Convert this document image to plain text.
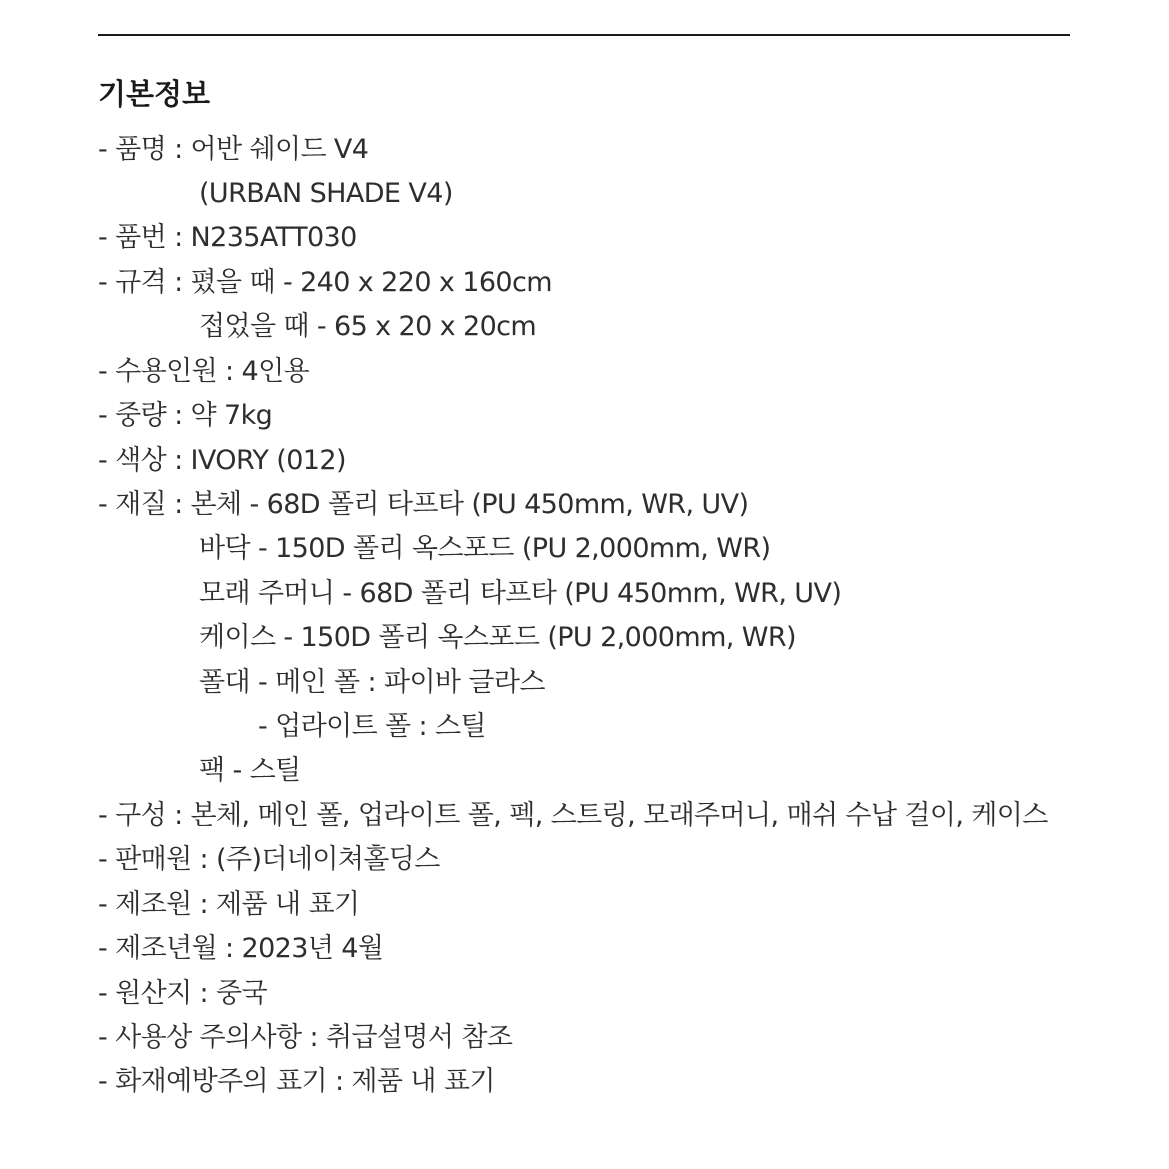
기본정보
- 품명 : 어반 쉐이드 V4
(URBAN SHADE V4)
- 품번 : N235ATT030
- 규격 : 폈을 때 - 240 x 220 x 160cm
접었을 때 - 65 x 20 x 20cm
- 수용인원 : 4인용
- 중량 : 약 7kg
- 색상 : IVORY (012)
- 재질 : 본체 - 68D 폴리 타프타 (PU 450mm, WR, UV)
바닥 - 150D 폴리 옥스포드 (PU 2,000mm, WR)
모래 주머니 - 68D 폴리 타프타 (PU 450mm, WR, UV)
케이스 - 150D 폴리 옥스포드 (PU 2,000mm, WR)
폴대 - 메인 폴 : 파이바 글라스
- 업라이트 폴 : 스틸
팩 - 스틸
- 구성 : 본체, 메인 폴, 업라이트 폴, 펙, 스트링, 모래주머니, 매쉬 수납 걸이, 케이스
- 판매원 : (주)더네이쳐홀딩스
- 제조원 : 제품 내 표기
- 제조년월 : 2023년 4월
- 원산지 : 중국
- 사용상 주의사항 : 취급설명서 참조
- 화재예방주의 표기 : 제품 내 표기
